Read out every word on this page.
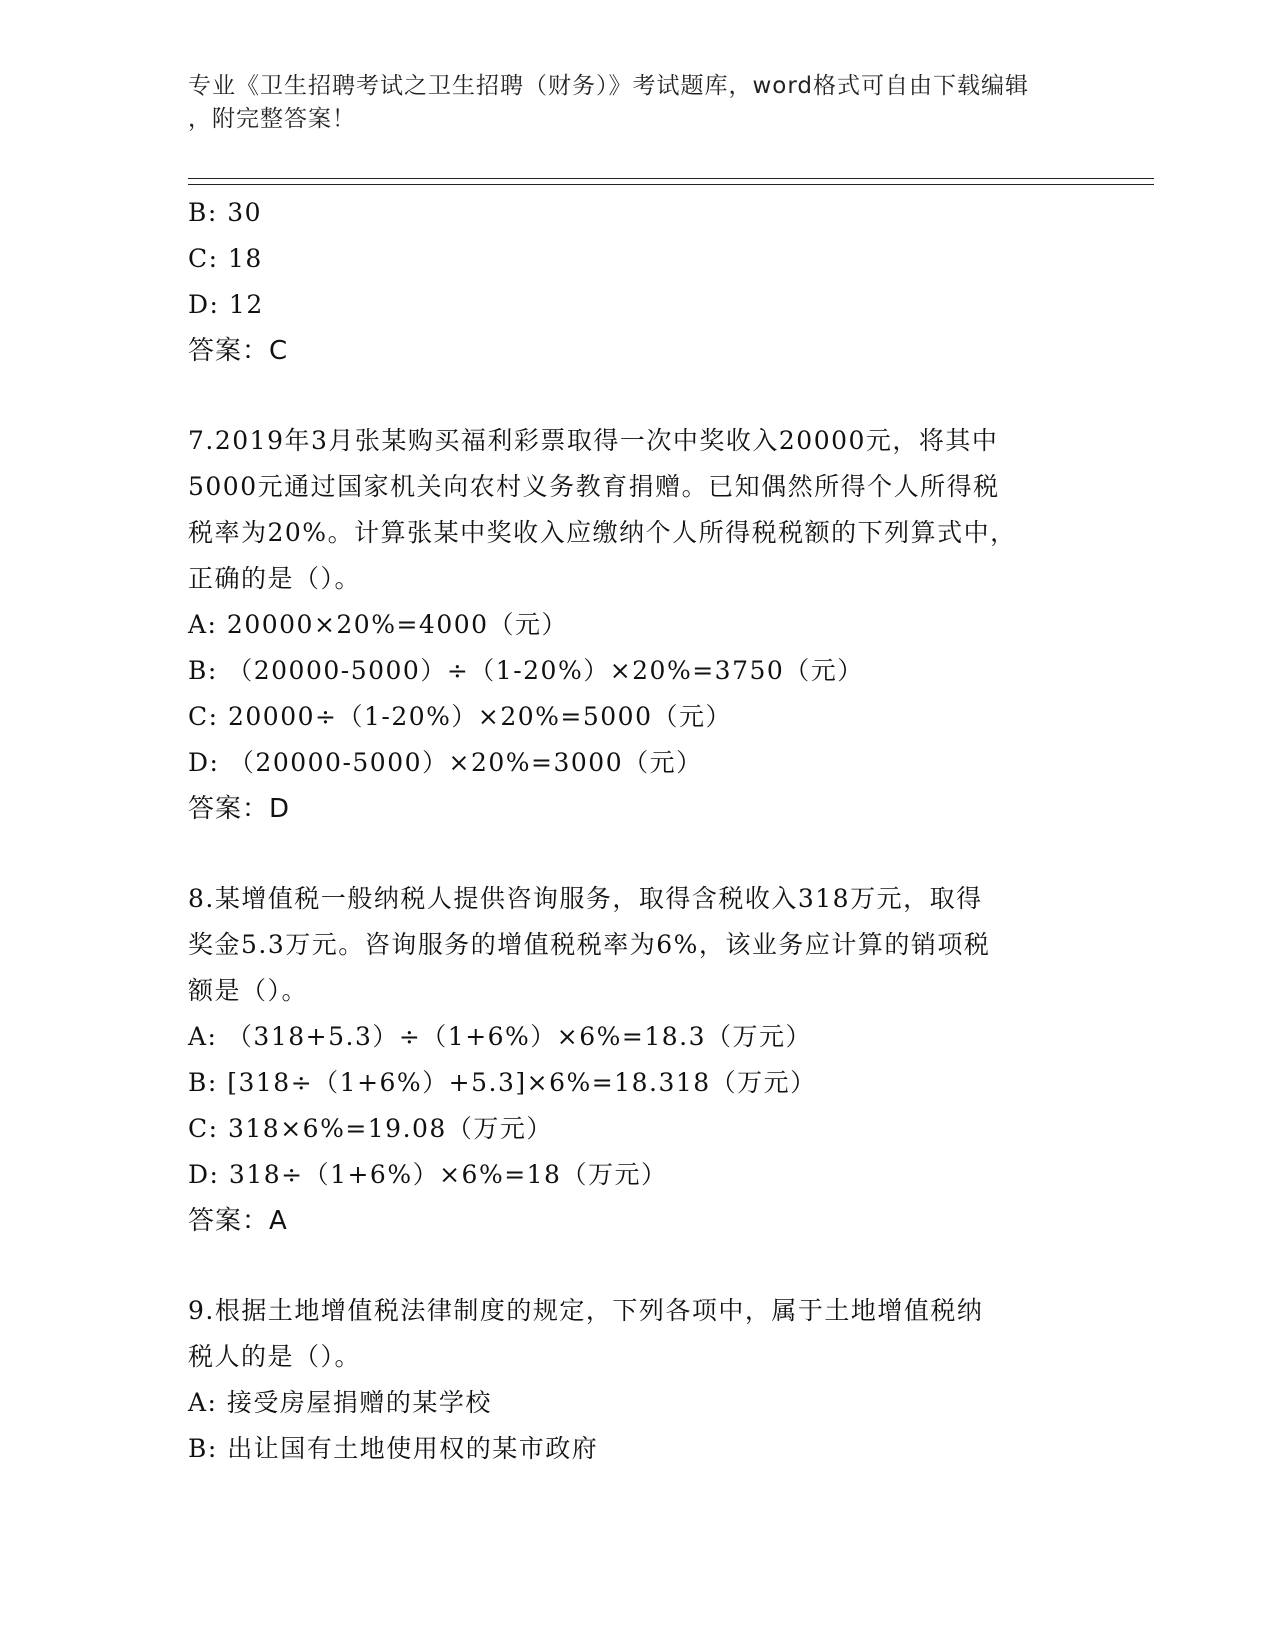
专业《卫生招聘考试之卫生招聘（财务）》考试题库，word格式可自由下载编辑
，附完整答案！
B: 30
C: 18
D: 12
答案：C
7.2019年3月张某购买福利彩票取得一次中奖收入20000元，将其中
5000元通过国家机关向农村义务教育捐赠。已知偶然所得个人所得税
税率为20%。计算张某中奖收入应缴纳个人所得税税额的下列算式中，
正确的是（）。
A: 20000×20%=4000（元）
B: （20000-5000）÷（1-20%）×20%=3750（元）
C: 20000÷（1-20%）×20%=5000（元）
D: （20000-5000）×20%=3000（元）
答案：D
8.某增值税一般纳税人提供咨询服务，取得含税收入318万元，取得
奖金5.3万元。咨询服务的增值税税率为6%，该业务应计算的销项税
额是（）。
A: （318+5.3）÷（1+6%）×6%=18.3（万元）
B: [318÷（1+6%）+5.3]×6%=18.318（万元）
C: 318×6%=19.08（万元）
D: 318÷（1+6%）×6%=18（万元）
答案：A
9.根据土地增值税法律制度的规定，下列各项中，属于土地增值税纳
税人的是（）。
A: 接受房屋捐赠的某学校
B: 出让国有土地使用权的某市政府
